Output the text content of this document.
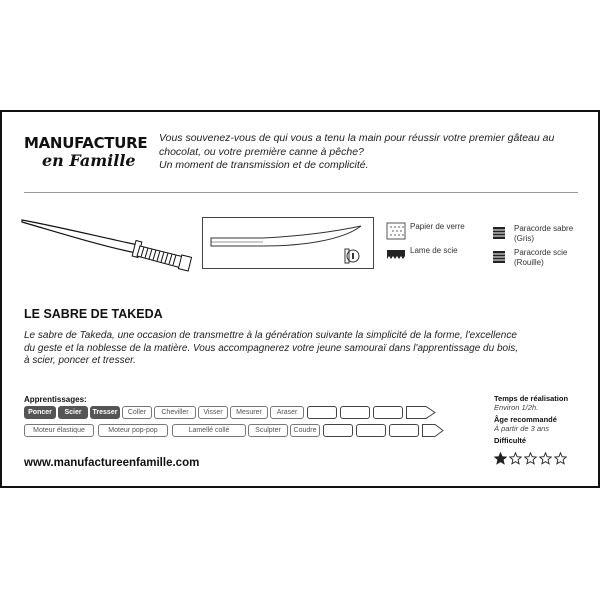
MANUFACTURE
en Famille
Vous souvenez-vous de qui vous a tenu la main pour réussir votre premier gâteau au
chocolat, ou votre première canne à pêche?
Un moment de transmission et de complicité.
Papier de verre
Lame de scie
Paracorde sabre
(Gris)
Paracorde scie
(Rouille)
LE SABRE DE TAKEDA
Le sabre de Takeda, une occasion de transmettre à la génération suivante la simplicité de la forme, l'excellence
du geste et la noblesse de la matière. Vous accompagnerez votre jeune samouraï dans l'apprentissage du bois,
à scier, poncer et tresser.
Apprentissages:
Poncer	Scier	Tresser	Coller	Cheviller	Visser	Mesurer	Araser
Moteur élastique	Moteur pop-pop	Lamellé collé	Sculpter	Coudre
www.manufactureenfamille.com
Temps de réalisation
Environ 1/2h.
Âge recommandé
À partir de 3 ans
Difficulté
